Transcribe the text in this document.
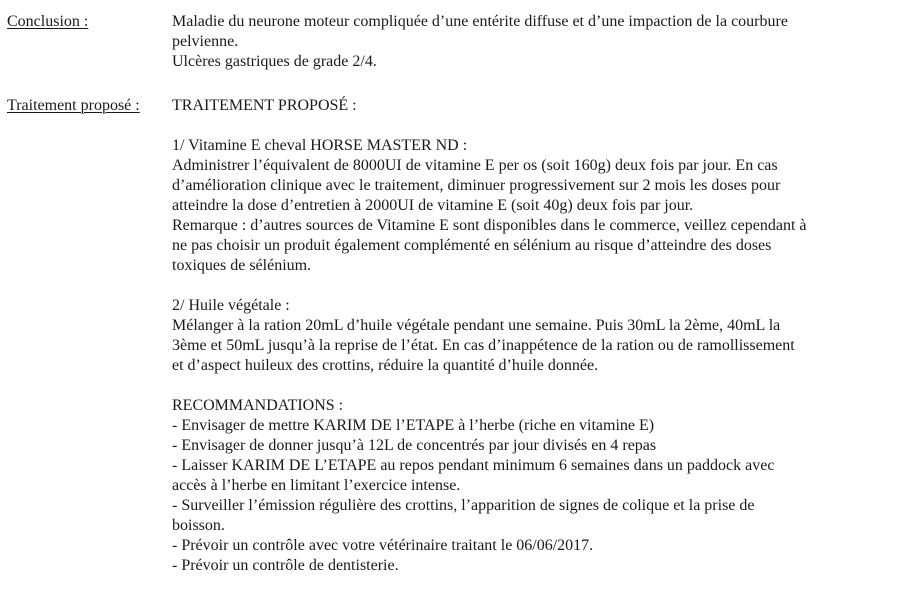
Conclusion :	Maladie du neurone moteur compliquée d’une entérite diffuse et d’une impaction de la courbure
pelvienne.
Ulcères gastriques de grade 2/4.
Traitement proposé : TRAITEMENT PROPOSÉ :
1/ Vitamine E cheval HORSE MASTER ND :
Administrer l’équivalent de 8000UI de vitamine E per os (soit 160g) deux fois par jour. En cas
d’amélioration clinique avec le traitement, diminuer progressivement sur 2 mois les doses pour
atteindre la dose d’entretien à 2000UI de vitamine E (soit 40g) deux fois par jour.
Remarque : d’autres sources de Vitamine E sont disponibles dans le commerce, veillez cependant à
ne pas choisir un produit également complémenté en sélénium au risque d’atteindre des doses
toxiques de sélénium.
2/ Huile végétale :
Mélanger à la ration 20mL d’huile végétale pendant une semaine. Puis 30mL la 2ème, 40mL la
3ème et 50mL jusqu’à la reprise de l’état. En cas d’inappétence de la ration ou de ramollissement
et d’aspect huileux des crottins, réduire la quantité d’huile donnée.
RECOMMANDATIONS :
- Envisager de mettre KARIM DE l’ETAPE à l’herbe (riche en vitamine E)
- Envisager de donner jusqu’à 12L de concentrés par jour divisés en 4 repas
- Laisser KARIM DE L’ETAPE au repos pendant minimum 6 semaines dans un paddock avec
accès à l’herbe en limitant l’exercice intense.
- Surveiller l’émission régulière des crottins, l’apparition de signes de colique et la prise de
boisson.
- Prévoir un contrôle avec votre vétérinaire traitant le 06/06/2017.
- Prévoir un contrôle de dentisterie.
